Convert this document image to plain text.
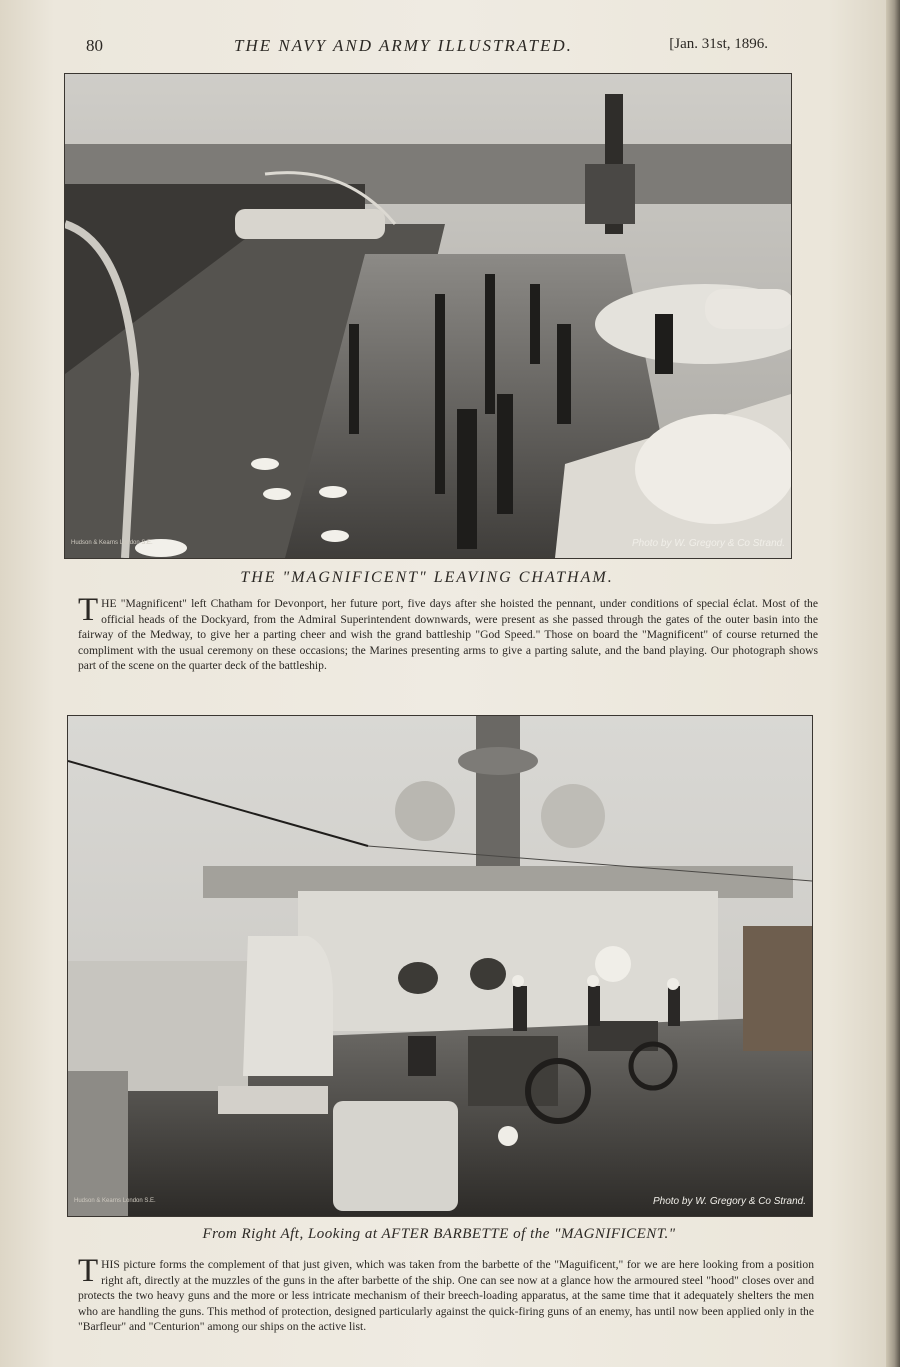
80	THE NAVY AND ARMY ILLUSTRATED.	[Jan. 31st, 1896.
Hudson & Kearns London S.E.	Photo by W. Gregory & Co Strand.
THE "MAGNIFICENT" LEAVING CHATHAM.

THE "Magnificent" left Chatham for Devonport, her future port, five days after she hoisted the pennant, under conditions of special éclat. Most of the official heads of the Dockyard, from the Admiral Superintendent downwards, were present as she passed through the gates of the outer basin into the fairway of the Medway, to give her a parting cheer and wish the grand battleship "God Speed." Those on board the "Magnificent" of course returned the compliment with the usual ceremony on these occasions; the Marines presenting arms to give a parting salute, and the band playing. Our photograph shows part of the scene on the quarter deck of the battleship.

Hudson & Kearns London S.E.	Photo by W. Gregory & Co Strand.
From Right Aft, Looking at AFTER BARBETTE of the "MAGNIFICENT."

THIS picture forms the complement of that just given, which was taken from the barbette of the "Maguificent," for we are here looking from a position right aft, directly at the muzzles of the guns in the after barbette of the ship. One can see now at a glance how the armoured steel "hood" closes over and protects the two heavy guns and the more or less intricate mechanism of their breech-loading apparatus, at the same time that it adequately shelters the men who are handling the guns. This method of protection, designed particularly against the quick-firing guns of an enemy, has until now been applied only in the "Barfleur" and "Centurion" among our ships on the active list.
